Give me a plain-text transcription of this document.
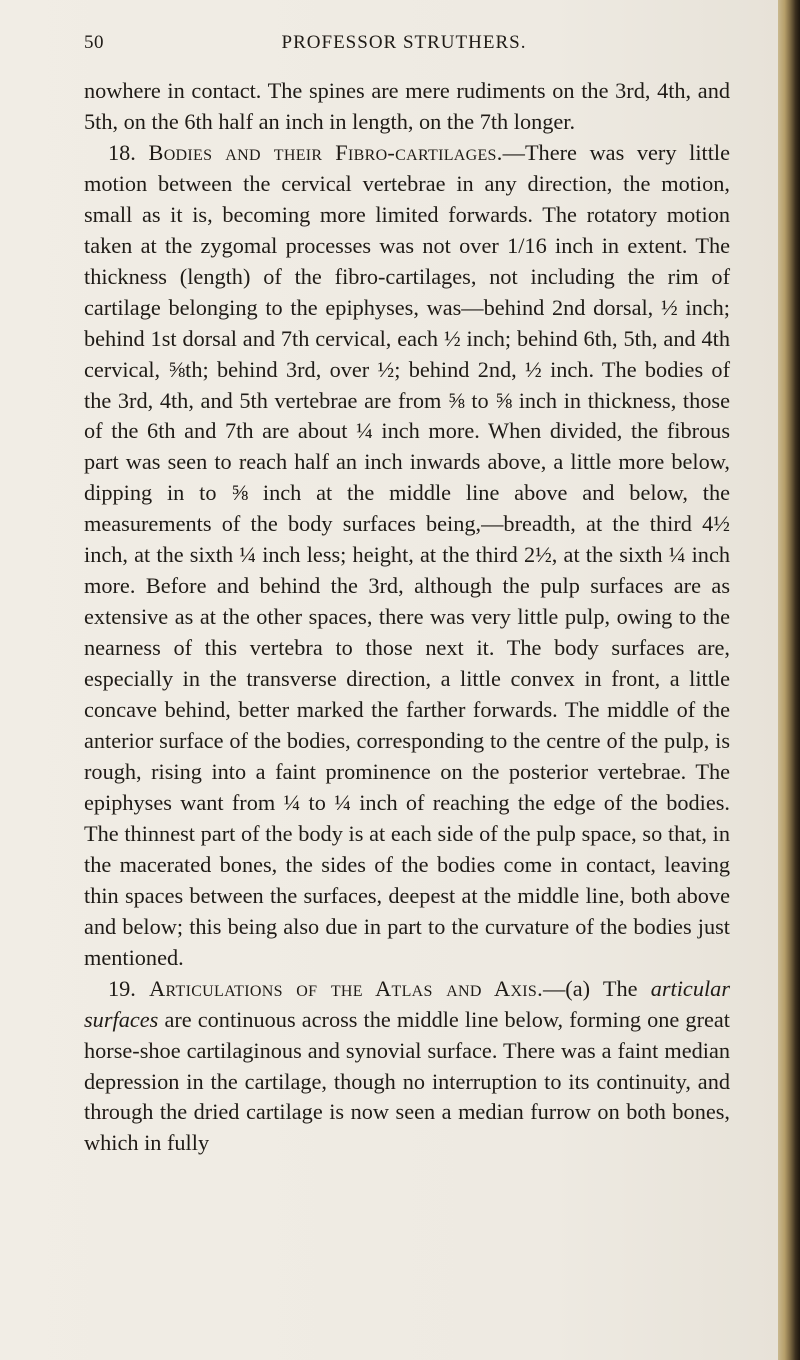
50	PROFESSOR STRUTHERS.

nowhere in contact. The spines are mere rudiments on the 3rd, 4th, and 5th, on the 6th half an inch in length, on the 7th longer.

18. Bodies and their Fibro-cartilages.—There was very little motion between the cervical vertebrae in any direction, the motion, small as it is, becoming more limited forwards. The rotatory motion taken at the zygomal processes was not over 1/16 inch in extent. The thickness (length) of the fibro-cartilages, not including the rim of cartilage belonging to the epiphyses, was—behind 2nd dorsal, ½ inch; behind 1st dorsal and 7th cervical, each ½ inch; behind 6th, 5th, and 4th cervical, ⅝th; behind 3rd, over ½; behind 2nd, ½ inch. The bodies of the 3rd, 4th, and 5th vertebrae are from ⅝ to ⅝ inch in thickness, those of the 6th and 7th are about ¼ inch more. When divided, the fibrous part was seen to reach half an inch inwards above, a little more below, dipping in to ⅝ inch at the middle line above and below, the measurements of the body surfaces being,—breadth, at the third 4½ inch, at the sixth ¼ inch less; height, at the third 2½, at the sixth ¼ inch more. Before and behind the 3rd, although the pulp surfaces are as extensive as at the other spaces, there was very little pulp, owing to the nearness of this vertebra to those next it. The body surfaces are, especially in the transverse direction, a little convex in front, a little concave behind, better marked the farther forwards. The middle of the anterior surface of the bodies, corresponding to the centre of the pulp, is rough, rising into a faint prominence on the posterior vertebrae. The epiphyses want from ¼ to ¼ inch of reaching the edge of the bodies. The thinnest part of the body is at each side of the pulp space, so that, in the macerated bones, the sides of the bodies come in contact, leaving thin spaces between the surfaces, deepest at the middle line, both above and below; this being also due in part to the curvature of the bodies just mentioned.

19. Articulations of the Atlas and Axis.—(a) The articular surfaces are continuous across the middle line below, forming one great horse-shoe cartilaginous and synovial surface. There was a faint median depression in the cartilage, though no interruption to its continuity, and through the dried cartilage is now seen a median furrow on both bones, which in fully
